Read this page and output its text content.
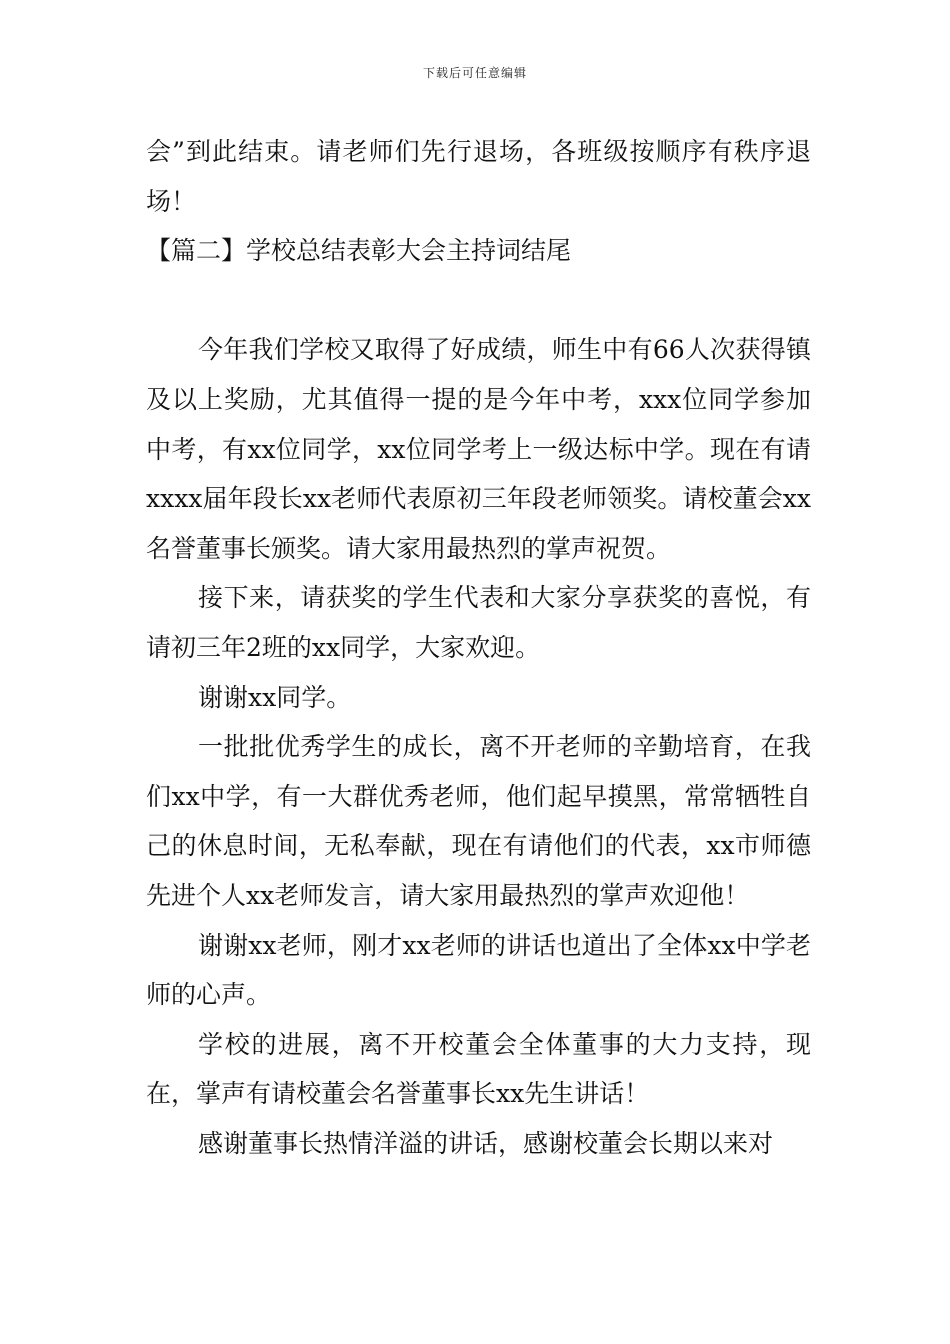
下载后可任意编辑

会”到此结束。请老师们先行退场，各班级按顺序有秩序退场！

【篇二】学校总结表彰大会主持词结尾

今年我们学校又取得了好成绩，师生中有66人次获得镇及以上奖励，尤其值得一提的是今年中考，xxx位同学参加中考，有xx位同学，xx位同学考上一级达标中学。现在有请xxxx届年段长xx老师代表原初三年段老师领奖。请校董会xx名誉董事长颁奖。请大家用最热烈的掌声祝贺。

接下来，请获奖的学生代表和大家分享获奖的喜悦，有请初三年2班的xx同学，大家欢迎。

谢谢xx同学。

一批批优秀学生的成长，离不开老师的辛勤培育，在我们xx中学，有一大群优秀老师，他们起早摸黑，常常牺牲自己的休息时间，无私奉献，现在有请他们的代表，xx市师德先进个人xx老师发言，请大家用最热烈的掌声欢迎他！

谢谢xx老师，刚才xx老师的讲话也道出了全体xx中学老师的心声。

学校的进展，离不开校董会全体董事的大力支持，现在，掌声有请校董会名誉董事长xx先生讲话！

感谢董事长热情洋溢的讲话，感谢校董会长期以来对
